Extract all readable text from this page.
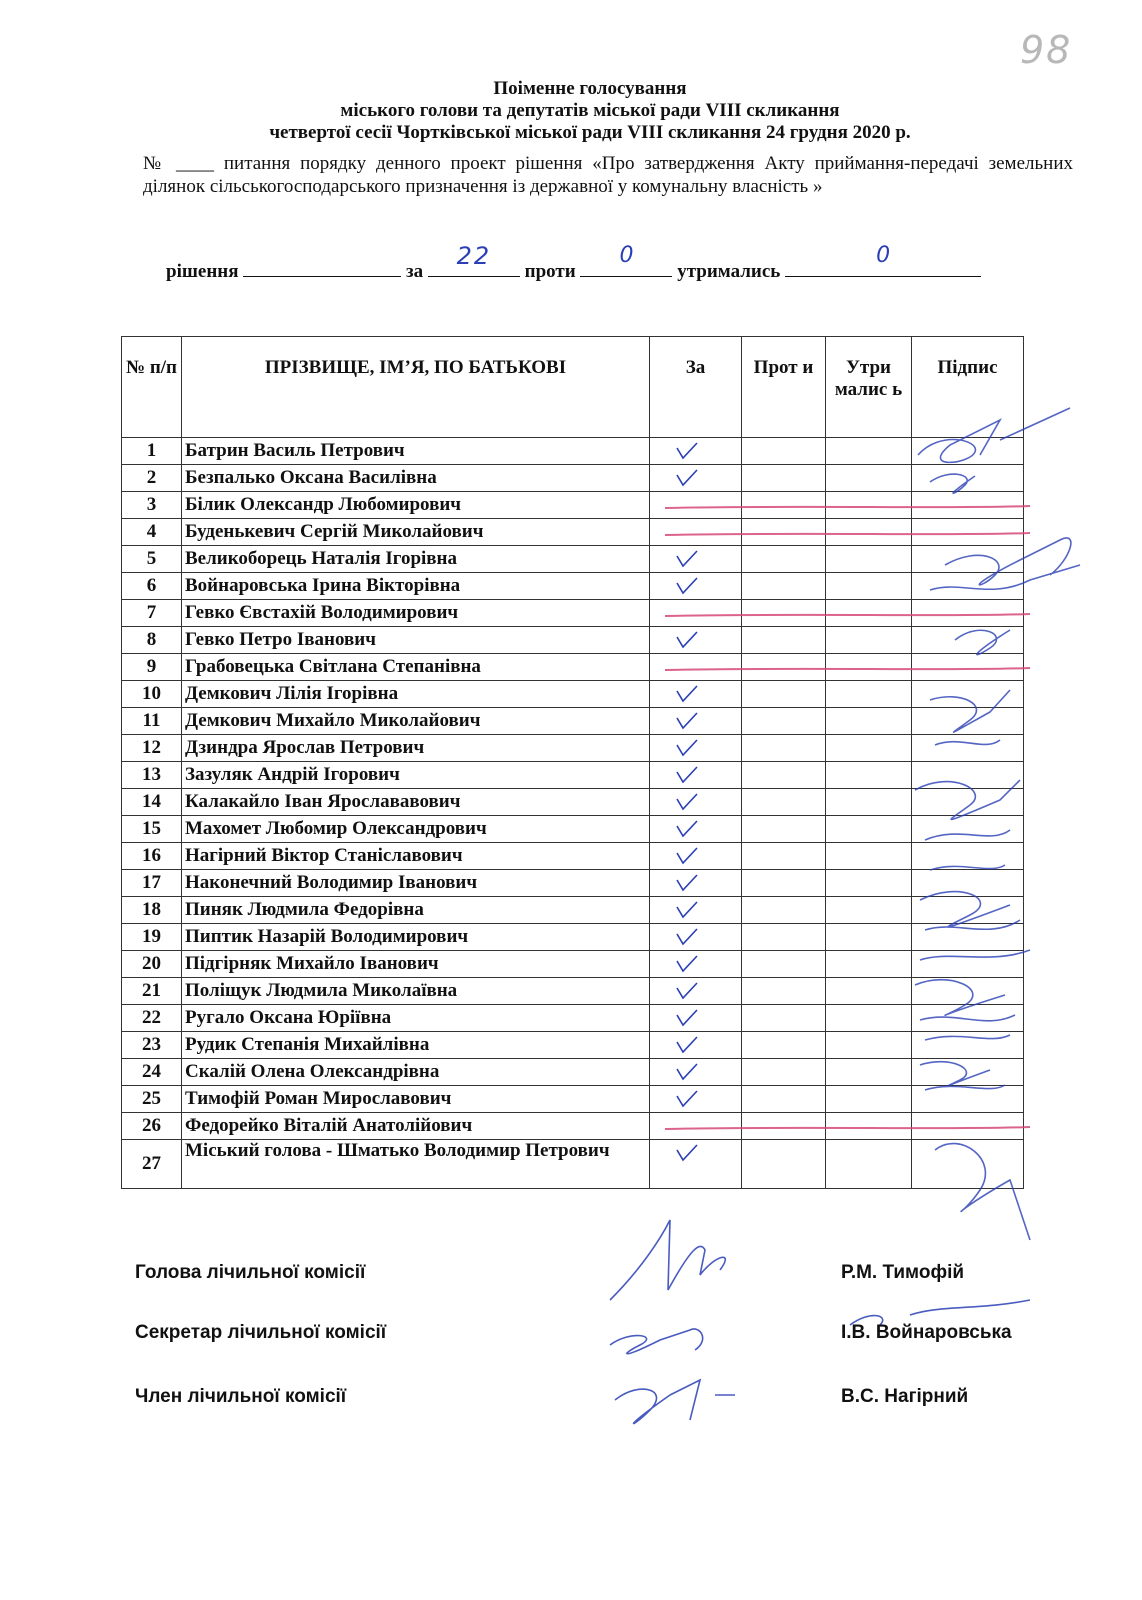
98
Поіменне голосування
міського голови та депутатів міської ради VIII скликання
четвертої сесії Чортківської міської ради VIII скликання 24 грудня 2020 р.
№ ____ питання порядку денного проект рішення «Про затвердження Акту приймання-передачі земельних ділянок сільськогосподарського призначення із державної у комунальну власність »
рішення	за
22
проти
0
утримались
0
№ п/п	ПРІЗВИЩЕ, ІМ’Я, ПО БАТЬКОВІ	За	Прот и	Утри малис ь	Підпис
1	Батрин Василь Петрович	

2	Безпалько Оксана Василівна	

3	Білик Олександр Любомирович				
4	Буденькевич Сергій Миколайович				
5	Великоборець Наталія Ігорівна	

6	Войнаровська Ірина Вікторівна	

7	Гевко Євстахій Володимирович				
8	Гевко Петро Іванович	

9	Грабовецька Світлана Степанівна				
10	Демкович Лілія Ігорівна	

11	Демкович Михайло Миколайович	

12	Дзиндра Ярослав Петрович	

13	Зазуляк Андрій Ігорович	

14	Калакайло Іван Ярослававович	

15	Махомет Любомир Олександрович	

16	Нагірний Віктор Станіславович	

17	Наконечний Володимир Іванович	

18	Пиняк Людмила Федорівна	

19	Пиптик Назарій Володимирович	

20	Підгірняк Михайло Іванович	

21	Поліщук Людмила Миколаївна	

22	Ругало Оксана Юріївна	

23	Рудик Степанія Михайлівна	

24	Скалій Олена Олександрівна	

25	Тимофій Роман Мирославович	

26	Федорейко Віталій Анатолійович				
27	Міський голова - Шматько Володимир Петрович	

Голова лічильної комісії	Р.М. Тимофій
Секретар лічильної комісії	І.В. Войнаровська
Член лічильної комісії	В.С. Нагірний
